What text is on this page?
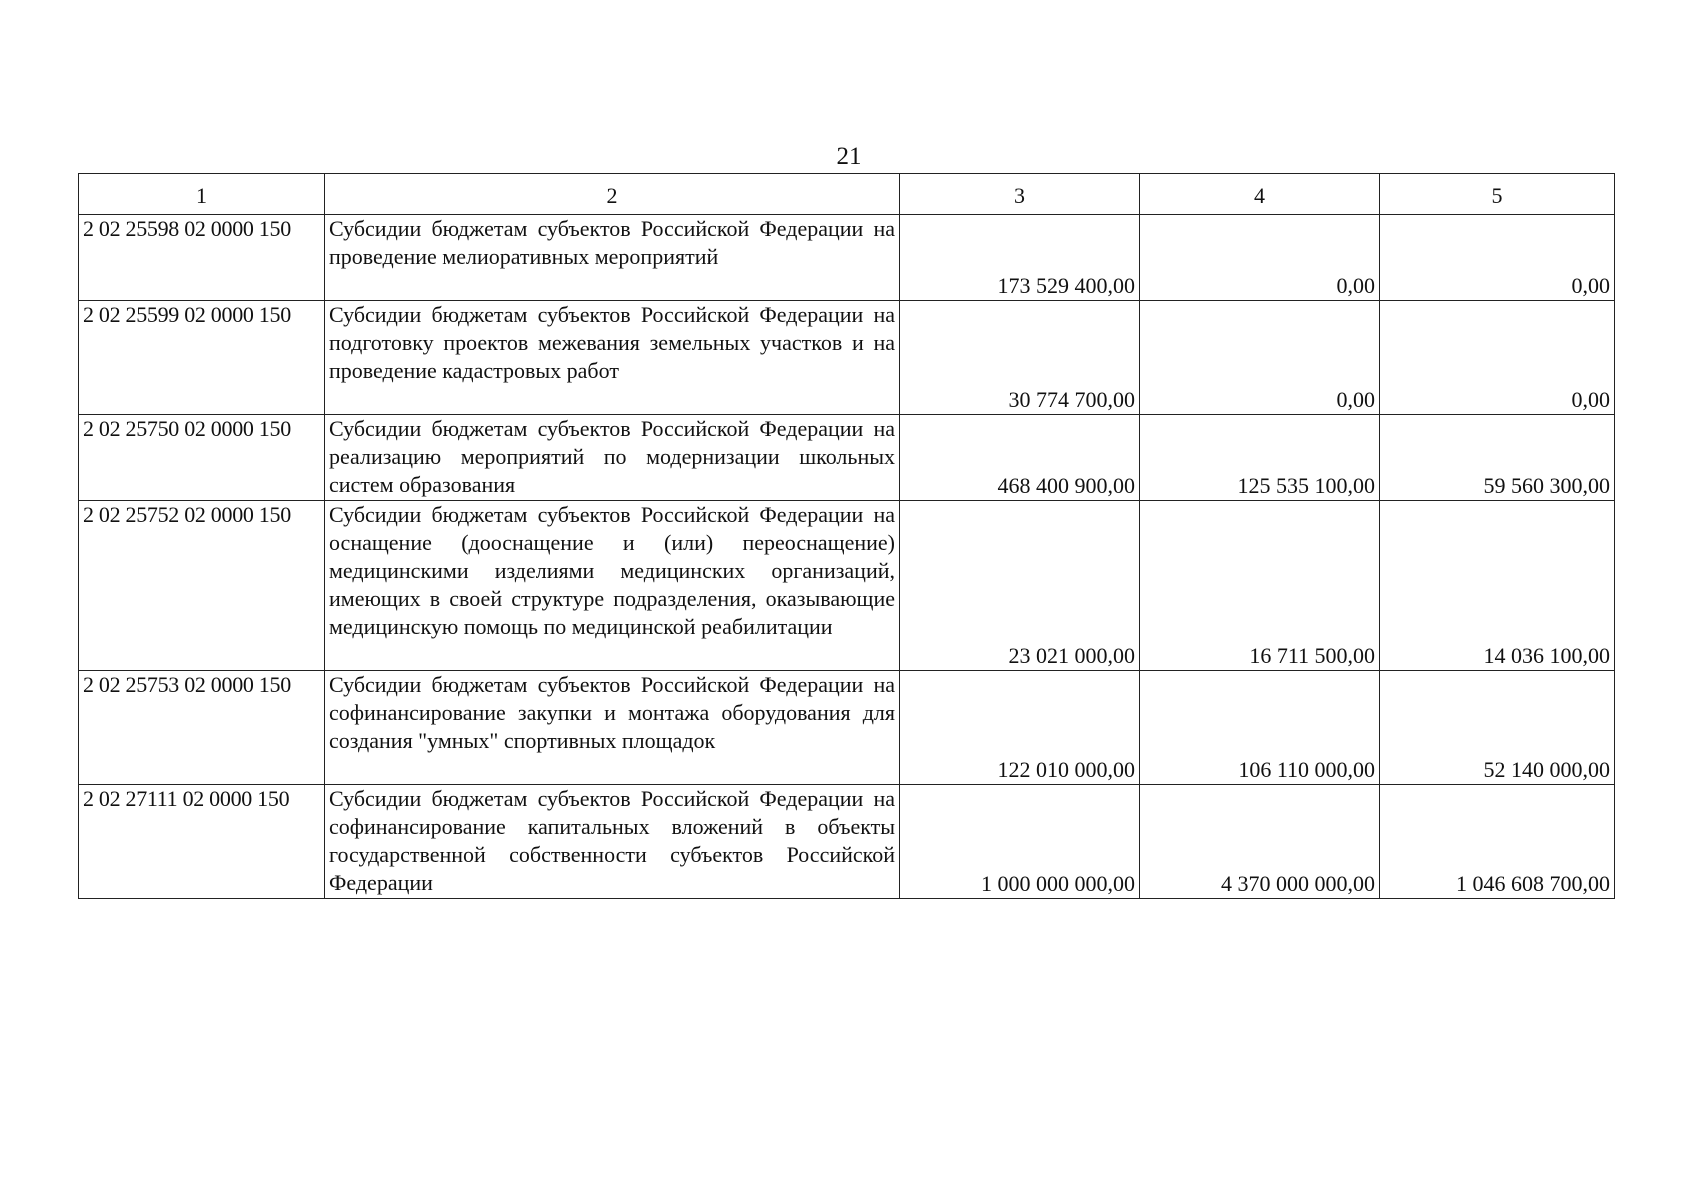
21
1	2	3	4	5
2 02 25598 02 0000 150	Субсидии бюджетам субъектов Российской Федерации на проведение мелиоративных мероприятий	173 529 400,00	0,00	0,00
2 02 25599 02 0000 150	Субсидии бюджетам субъектов Российской Федерации на подготовку проектов межевания земельных участков и на проведение кадастровых работ	30 774 700,00	0,00	0,00
2 02 25750 02 0000 150	Субсидии бюджетам субъектов Российской Федерации на реализацию мероприятий по модернизации школьных систем образования	468 400 900,00	125 535 100,00	59 560 300,00
2 02 25752 02 0000 150	Субсидии бюджетам субъектов Российской Федерации на оснащение (дооснащение и (или) переоснащение) медицинскими изделиями медицинских организаций, имеющих в своей структуре подразделения, оказывающие медицинскую помощь по медицинской реабилитации	23 021 000,00	16 711 500,00	14 036 100,00
2 02 25753 02 0000 150	Субсидии бюджетам субъектов Российской Федерации на софинансирование закупки и монтажа оборудования для создания "умных" спортивных площадок	122 010 000,00	106 110 000,00	52 140 000,00
2 02 27111 02 0000 150	Субсидии бюджетам субъектов Российской Федерации на софинансирование капитальных вложений в объекты государственной собственности субъектов Российской Федерации	1 000 000 000,00	4 370 000 000,00	1 046 608 700,00
